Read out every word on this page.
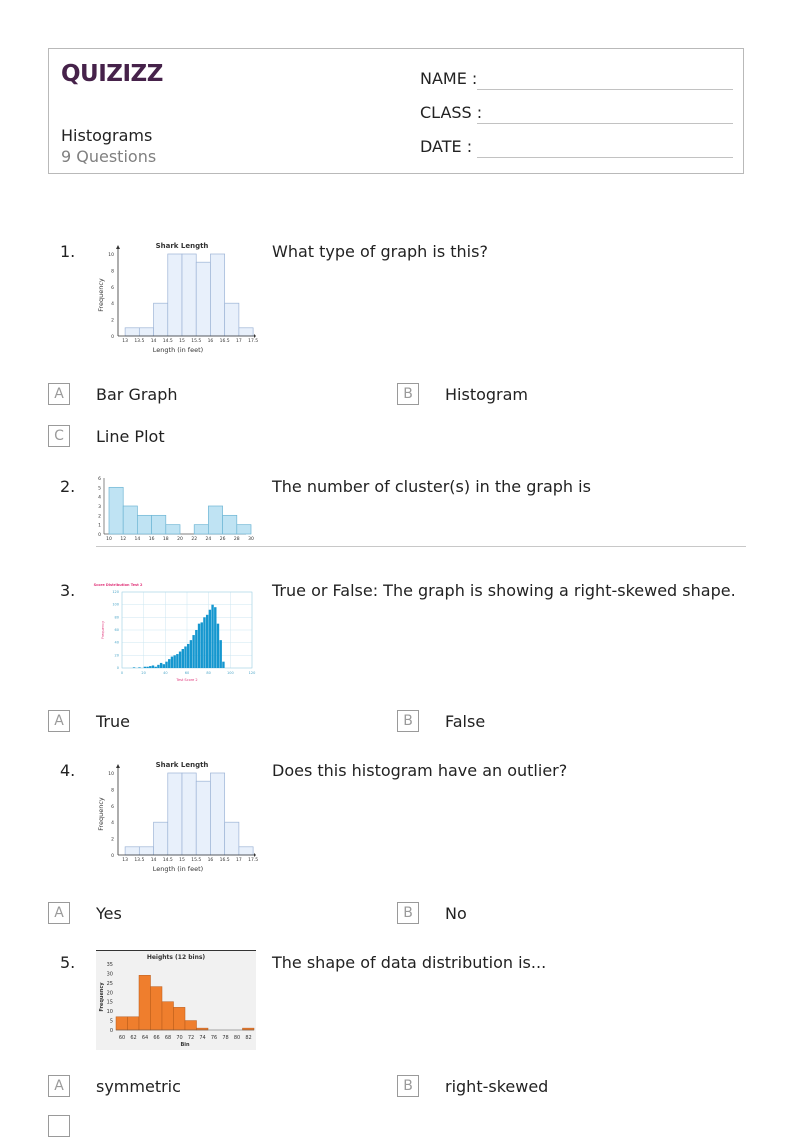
QUIZIZZ
Histograms
9 Questions
NAME :
CLASS :
DATE :
1.	Shark Length
0
2
4
6
8
10
13 13.5 14 14.5 15 15.5 16 16.5 17 17.5
Length (in feet)
Frequency
What type of graph is this?
A	Bar Graph	B	Histogram
C	Line Plot
2.
0
1
2
3
4
5
6
10 12 14 16 18 20 22 24 26 28 30
The number of cluster(s) in the graph is
3.	Score Distribution Test 2
0	20	40	60	80	100	120
0
20
40
60
80
100
120
Test Score 2
Frequency
True or False: The graph is showing a right-skewed shape.
A	True	B	False
4.	Shark Length
0
2
4
6
8
10
13 13.5 14 14.5 15 15.5 16 16.5 17 17.5
Length (in feet)
Frequency
Does this histogram have an outlier?
A	Yes	B	No
5.	Heights (12 bins)
0
5
10
15
20
25
30
35
60 62 64 66 68 70 72 74 76 78 80 82
Bin
Frequency
The shape of data distribution is...
A	symmetric	B	right-skewed
